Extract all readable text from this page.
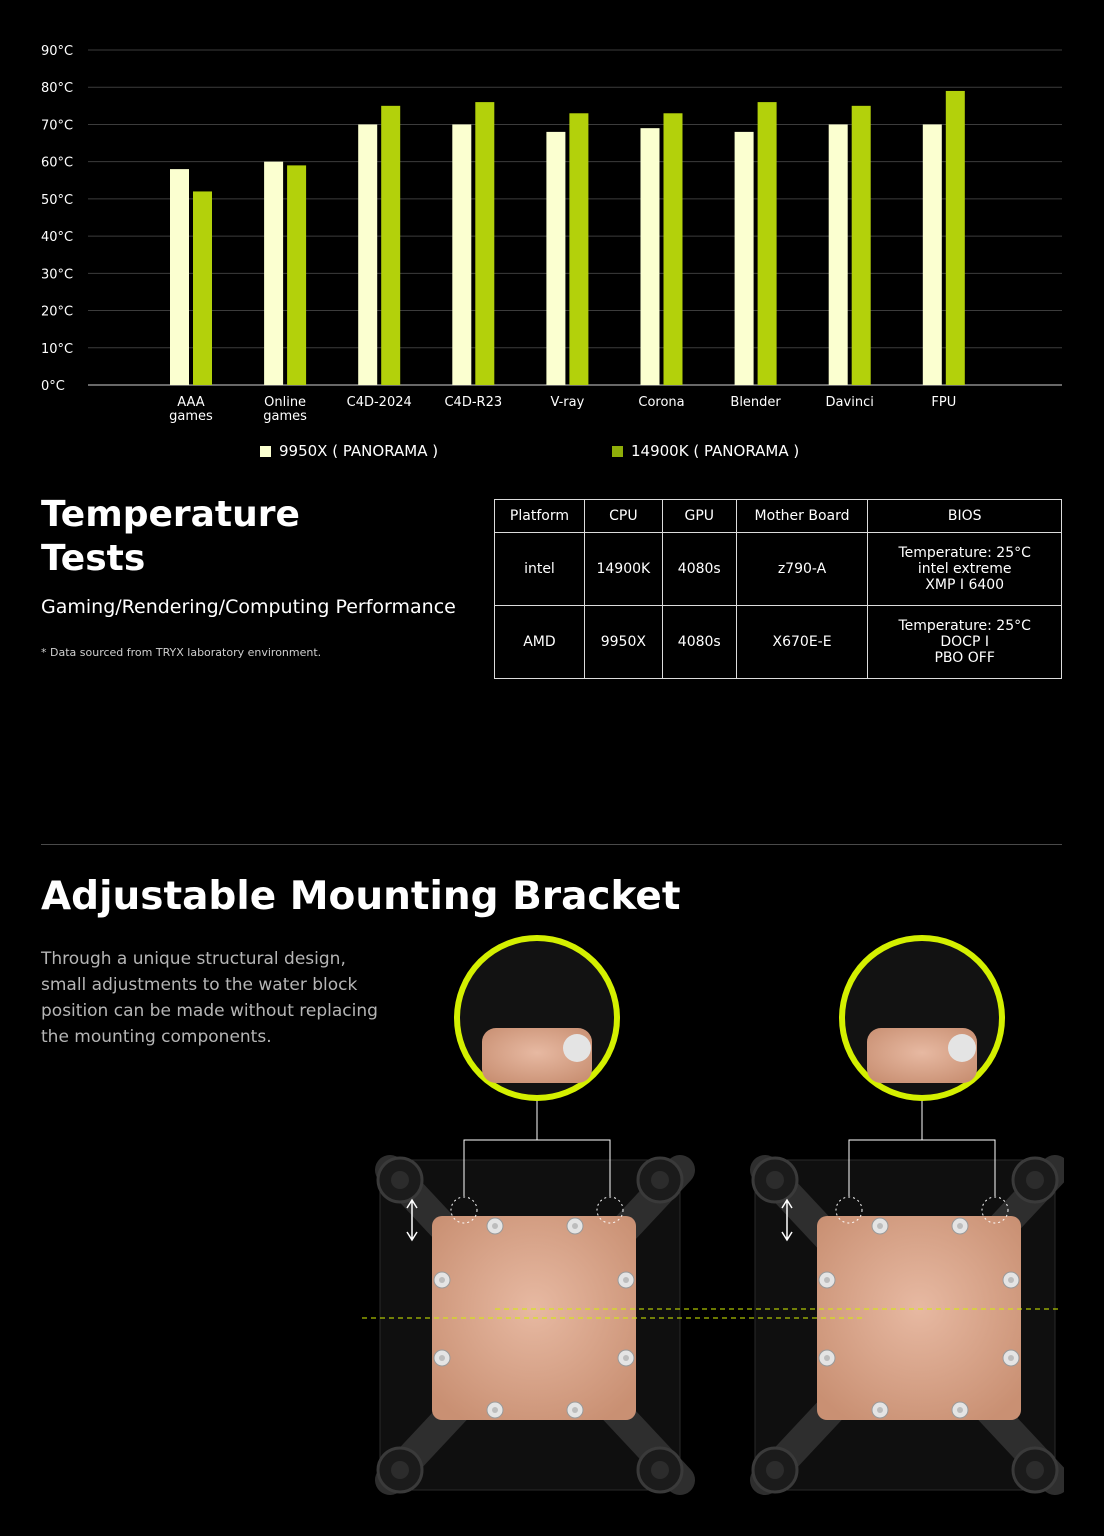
0°C
10°C
20°C
30°C
40°C
50°C
60°C
70°C
80°C
90°C
AAA games
Online games
C4D-2024	C4D-R23	V-ray	Corona	Blender	Davinci	FPU
9950X ( PANORAMA )	14900K ( PANORAMA )
Temperature
Tests
Gaming/Rendering/Computing Performance
* Data sourced from TRYX laboratory environment.
Platform	CPU	GPU	Mother Board	BIOS
intel	14900K	4080s	z790-A	Temperature: 25°C
intel extreme
XMP I 6400
AMD	9950X	4080s	X670E-E	Temperature: 25°C
DOCP I
PBO OFF
Adjustable Mounting Bracket
Through a unique structural design, small adjustments to the water block position can be made without replacing the mounting components.
